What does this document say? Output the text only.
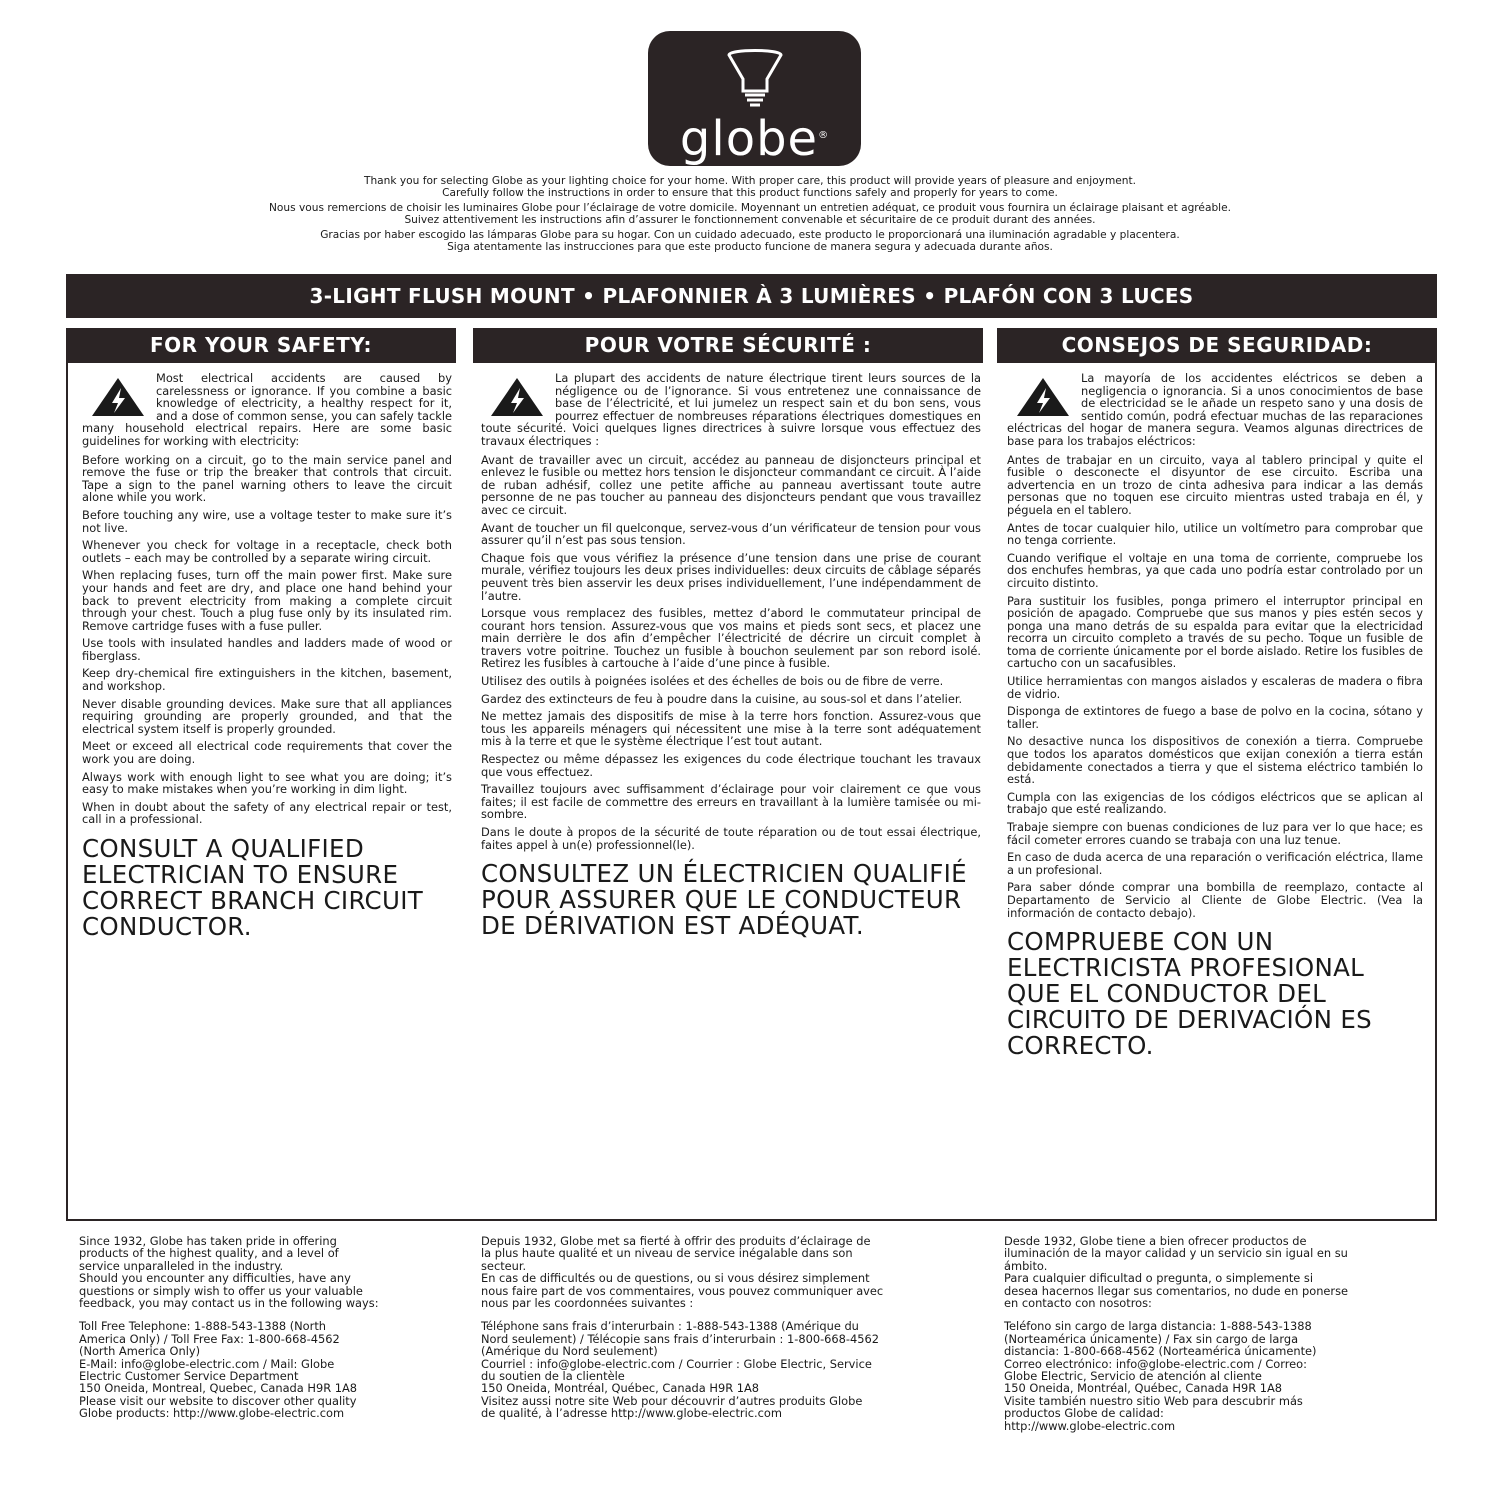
globe®

Thank you for selecting Globe as your lighting choice for your home. With proper care, this product will provide years of pleasure and enjoyment.
Carefully follow the instructions in order to ensure that this product functions safely and properly for years to come.

Nous vous remercions de choisir les luminaires Globe pour l’éclairage de votre domicile. Moyennant un entretien adéquat, ce produit vous fournira un éclairage plaisant et agréable.
Suivez attentivement les instructions afin d’assurer le fonctionnement convenable et sécuritaire de ce produit durant des années.

Gracias por haber escogido las lámparas Globe para su hogar. Con un cuidado adecuado, este producto le proporcionará una iluminación agradable y placentera.
Siga atentamente las instrucciones para que este producto funcione de manera segura y adecuada durante años.

3-LIGHT FLUSH MOUNT • PLAFONNIER À 3 LUMIÈRES • PLAFÓN CON 3 LUCES
FOR YOUR SAFETY:	POUR VOTRE SÉCURITÉ :	CONSEJOS DE SEGURIDAD:

Most electrical accidents are caused by carelessness or ignorance. If you combine a basic knowledge of electricity, a healthy respect for it, and a dose of common sense, you can safely tackle many household electrical repairs. Here are some basic guidelines for working with electricity:

Before working on a circuit, go to the main service panel and remove the fuse or trip the breaker that controls that circuit. Tape a sign to the panel warning others to leave the circuit alone while you work.

Before touching any wire, use a voltage tester to make sure it’s not live.

Whenever you check for voltage in a receptacle, check both outlets – each may be controlled by a separate wiring circuit.

When replacing fuses, turn off the main power first. Make sure your hands and feet are dry, and place one hand behind your back to prevent electricity from making a complete circuit through your chest. Touch a plug fuse only by its insulated rim. Remove cartridge fuses with a fuse puller.

Use tools with insulated handles and ladders made of wood or fiberglass.

Keep dry-chemical fire extinguishers in the kitchen, basement, and workshop.

Never disable grounding devices. Make sure that all appliances requiring grounding are properly grounded, and that the electrical system itself is properly grounded.

Meet or exceed all electrical code requirements that cover the work you are doing.

Always work with enough light to see what you are doing; it’s easy to make mistakes when you’re working in dim light.

When in doubt about the safety of any electrical repair or test, call in a professional.

CONSULT A QUALIFIED ELECTRICIAN TO ENSURE CORRECT BRANCH CIRCUIT CONDUCTOR.

La plupart des accidents de nature électrique tirent leurs sources de la négligence ou de l’ignorance. Si vous entretenez une connaissance de base de l’électricité, et lui jumelez un respect sain et du bon sens, vous pourrez effectuer de nombreuses réparations électriques domestiques en toute sécurité. Voici quelques lignes directrices à suivre lorsque vous effectuez des travaux électriques :

Avant de travailler avec un circuit, accédez au panneau de disjoncteurs principal et enlevez le fusible ou mettez hors tension le disjoncteur commandant ce circuit. À l’aide de ruban adhésif, collez une petite affiche au panneau avertissant toute autre personne de ne pas toucher au panneau des disjoncteurs pendant que vous travaillez avec ce circuit.

Avant de toucher un fil quelconque, servez-vous d’un vérificateur de tension pour vous assurer qu’il n’est pas sous tension.

Chaque fois que vous vérifiez la présence d’une tension dans une prise de courant murale, vérifiez toujours les deux prises individuelles: deux circuits de câblage séparés peuvent très bien asservir les deux prises individuellement, l’une indépendamment de l’autre.

Lorsque vous remplacez des fusibles, mettez d’abord le commutateur principal de courant hors tension. Assurez-vous que vos mains et pieds sont secs, et placez une main derrière le dos afin d’empêcher l’électricité de décrire un circuit complet à travers votre poitrine. Touchez un fusible à bouchon seulement par son rebord isolé. Retirez les fusibles à cartouche à l’aide d’une pince à fusible.

Utilisez des outils à poignées isolées et des échelles de bois ou de fibre de verre.

Gardez des extincteurs de feu à poudre dans la cuisine, au sous-sol et dans l’atelier.

Ne mettez jamais des dispositifs de mise à la terre hors fonction. Assurez-vous que tous les appareils ménagers qui nécessitent une mise à la terre sont adéquatement mis à la terre et que le système électrique l’est tout autant.

Respectez ou même dépassez les exigences du code électrique touchant les travaux que vous effectuez.

Travaillez toujours avec suffisamment d’éclairage pour voir clairement ce que vous faites; il est facile de commettre des erreurs en travaillant à la lumière tamisée ou mi-sombre.

Dans le doute à propos de la sécurité de toute réparation ou de tout essai électrique, faites appel à un(e) professionnel(le).

CONSULTEZ UN ÉLECTRICIEN QUALIFIÉ POUR ASSURER QUE LE CONDUCTEUR DE DÉRIVATION EST ADÉQUAT.

La mayoría de los accidentes eléctricos se deben a negligencia o ignorancia. Si a unos conocimientos de base de electricidad se le añade un respeto sano y una dosis de sentido común, podrá efectuar muchas de las reparaciones eléctricas del hogar de manera segura. Veamos algunas directrices de base para los trabajos eléctricos:

Antes de trabajar en un circuito, vaya al tablero principal y quite el fusible o desconecte el disyuntor de ese circuito. Escriba una advertencia en un trozo de cinta adhesiva para indicar a las demás personas que no toquen ese circuito mientras usted trabaja en él, y péguela en el tablero.

Antes de tocar cualquier hilo, utilice un voltímetro para comprobar que no tenga corriente.

Cuando verifique el voltaje en una toma de corriente, compruebe los dos enchufes hembras, ya que cada uno podría estar controlado por un circuito distinto.

Para sustituir los fusibles, ponga primero el interruptor principal en posición de apagado. Compruebe que sus manos y pies estén secos y ponga una mano detrás de su espalda para evitar que la electricidad recorra un circuito completo a través de su pecho. Toque un fusible de toma de corriente únicamente por el borde aislado. Retire los fusibles de cartucho con un sacafusibles.

Utilice herramientas con mangos aislados y escaleras de madera o fibra de vidrio.

Disponga de extintores de fuego a base de polvo en la cocina, sótano y taller.

No desactive nunca los dispositivos de conexión a tierra. Compruebe que todos los aparatos domésticos que exijan conexión a tierra están debidamente conectados a tierra y que el sistema eléctrico también lo está.

Cumpla con las exigencias de los códigos eléctricos que se aplican al trabajo que esté realizando.

Trabaje siempre con buenas condiciones de luz para ver lo que hace; es fácil cometer errores cuando se trabaja con una luz tenue.

En caso de duda acerca de una reparación o verificación eléctrica, llame a un profesional.

Para saber dónde comprar una bombilla de reemplazo, contacte al Departamento de Servicio al Cliente de Globe Electric. (Vea la información de contacto debajo).

COMPRUEBE CON UN ELECTRICISTA PROFESIONAL QUE EL CONDUCTOR DEL CIRCUITO DE DERIVACIÓN ES CORRECTO.

Since 1932, Globe has taken pride in offering
products of the highest quality, and a level of
service unparalleled in the industry.
Should you encounter any difficulties, have any
questions or simply wish to offer us your valuable
feedback, you may contact us in the following ways:

Toll Free Telephone: 1-888-543-1388 (North
America Only) / Toll Free Fax: 1-800-668-4562
(North America Only)
E-Mail: info@globe-electric.com / Mail: Globe
Electric Customer Service Department
150 Oneida, Montreal, Quebec, Canada H9R 1A8
Please visit our website to discover other quality
Globe products: http://www.globe-electric.com

Depuis 1932, Globe met sa fierté à offrir des produits d’éclairage de
la plus haute qualité et un niveau de service inégalable dans son
secteur.
En cas de difficultés ou de questions, ou si vous désirez simplement
nous faire part de vos commentaires, vous pouvez communiquer avec
nous par les coordonnées suivantes :

Téléphone sans frais d’interurbain : 1-888-543-1388 (Amérique du
Nord seulement) / Télécopie sans frais d’interurbain : 1-800-668-4562
(Amérique du Nord seulement)
Courriel : info@globe-electric.com / Courrier : Globe Electric, Service
du soutien de la clientèle
150 Oneida, Montréal, Québec, Canada H9R 1A8
Visitez aussi notre site Web pour découvrir d’autres produits Globe
de qualité, à l’adresse http://www.globe-electric.com

Desde 1932, Globe tiene a bien ofrecer productos de
iluminación de la mayor calidad y un servicio sin igual en su
ámbito.
Para cualquier dificultad o pregunta, o simplemente si
desea hacernos llegar sus comentarios, no dude en ponerse
en contacto con nosotros:

Teléfono sin cargo de larga distancia: 1-888-543-1388
(Norteamérica únicamente) / Fax sin cargo de larga
distancia: 1-800-668-4562 (Norteamérica únicamente)
Correo electrónico: info@globe-electric.com / Correo:
Globe Electric, Servicio de atención al cliente
150 Oneida, Montréal, Québec, Canada H9R 1A8
Visite también nuestro sitio Web para descubrir más
productos Globe de calidad:
http://www.globe-electric.com
